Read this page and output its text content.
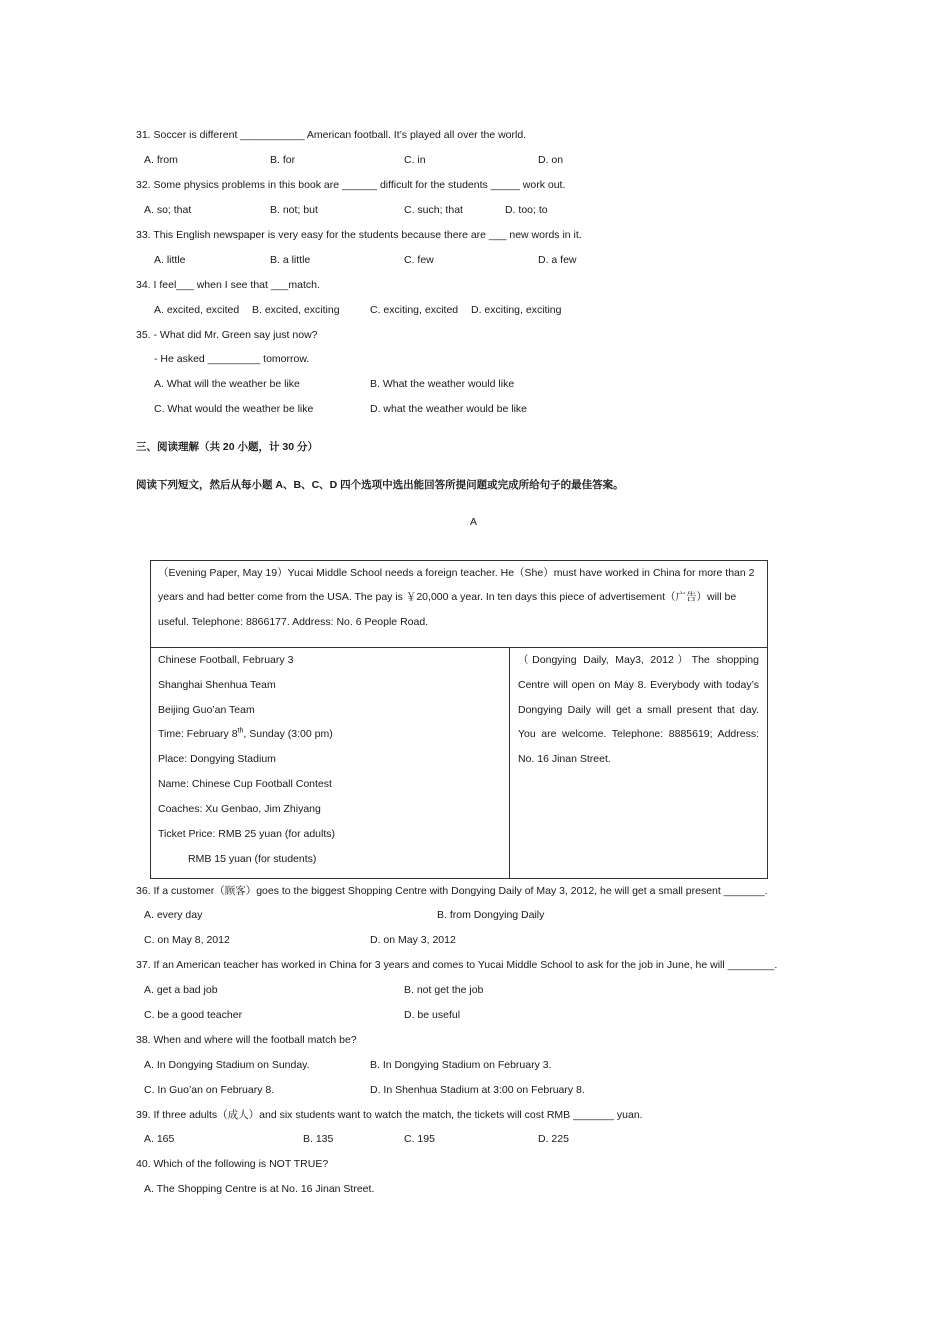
31. Soccer is different ___________ American football. It’s played all over the world.
A. from	B. for	C. in	D. on
32. Some physics problems in this book are ______ difficult for the students _____ work out.
A. so; that	B. not; but	C. such; that	D. too; to
33. This English newspaper is very easy for the students because there are ___ new words in it.
A. little	B. a little	C. few	D. a few
34. I feel___ when I see that ___match.
A. excited, excited B. excited, exciting	C. exciting, excited D. exciting, exciting
35. - What did Mr. Green say just now?
- He asked _________ tomorrow.
A. What will the weather be like	B. What the weather would like
C. What would the weather be like	D. what the weather would be like
三、阅读理解（共 20 小题，计 30 分）
阅读下列短文，然后从每小题 A、B、C、D 四个选项中选出能回答所提问题或完成所给句子的最佳答案。
A
（Evening Paper, May 19）Yucai Middle School needs a foreign teacher. He（She）must have worked in China for more than 2
years and had better come from the USA. The pay is ￥20,000 a year. In ten days this piece of advertisement（广告）will be
useful. Telephone: 8866177. Address: No. 6 People Road.
Chinese Football, February 3
Shanghai Shenhua Team
Beijing Guo’an Team
Time: February 8th, Sunday (3:00 pm)
Place: Dongying Stadium
Name: Chinese Cup Football Contest
Coaches: Xu Genbao, Jim Zhiyang
Ticket Price: RMB 25 yuan (for adults)
RMB 15 yuan (for students)
（Dongying Daily, May3, 2012）The shopping Centre will open on May 8. Everybody with today’s Dongying Daily will get a small present that day. You are welcome. Telephone: 8885619; Address: No. 16 Jinan Street.
36. If a customer（顾客）goes to the biggest Shopping Centre with Dongying Daily of May 3, 2012, he will get a small present _______.
A. every day	B. from Dongying Daily
C. on May 8, 2012	D. on May 3, 2012
37. If an American teacher has worked in China for 3 years and comes to Yucai Middle School to ask for the job in June, he will ________.
A. get a bad job	B. not get the job
C. be a good teacher	D. be useful
38. When and where will the football match be?
A. In Dongying Stadium on Sunday.	B. In Dongying Stadium on February 3.
C. In Guo’an on February 8.	D. In Shenhua Stadium at 3:00 on February 8.
39. If three adults（成人）and six students want to watch the match, the tickets will cost RMB _______ yuan.
A. 165	B. 135	C. 195	D. 225
40. Which of the following is NOT TRUE?
A. The Shopping Centre is at No. 16 Jinan Street.
